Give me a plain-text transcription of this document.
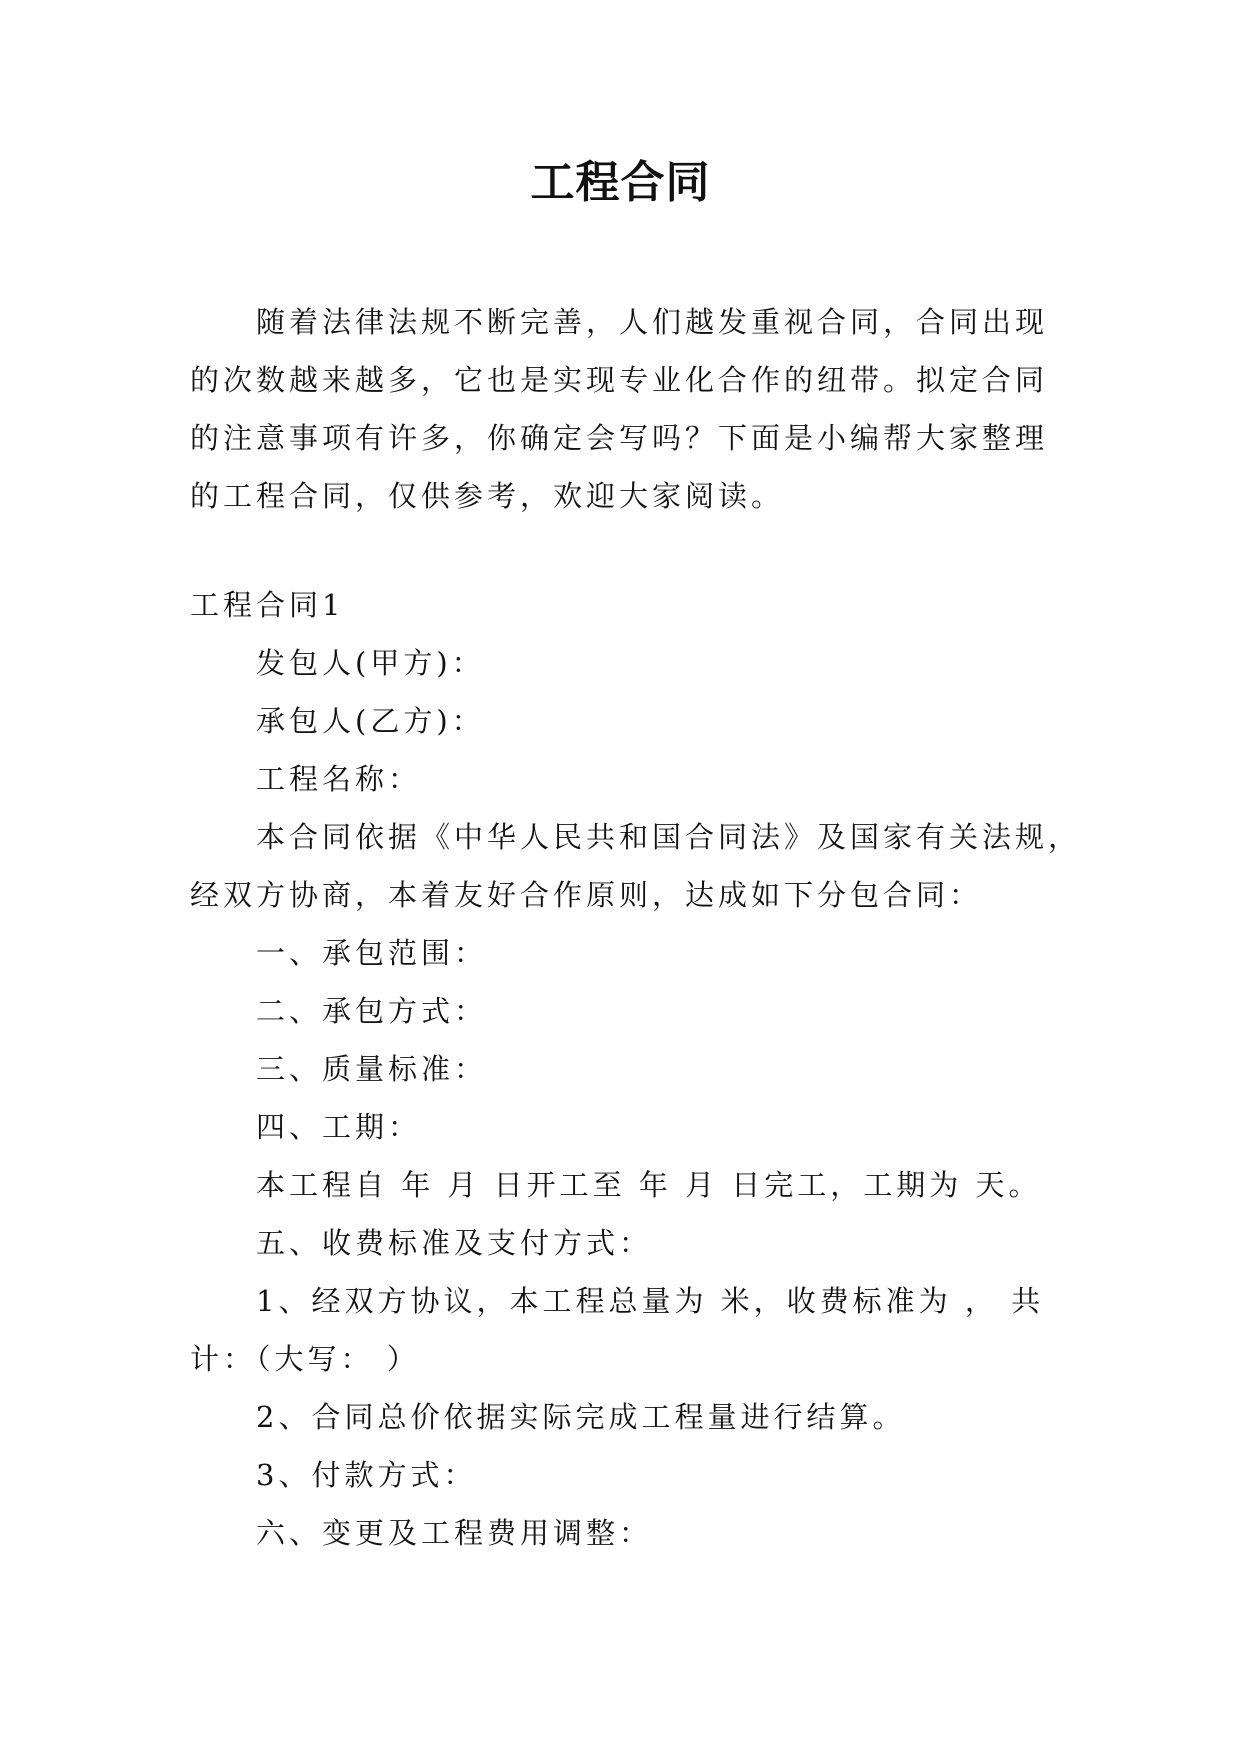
工程合同

随着法律法规不断完善，人们越发重视合同，合同出现的次数越来越多，它也是实现专业化合作的纽带。拟定合同的注意事项有许多，你确定会写吗？下面是小编帮大家整理的工程合同，仅供参考，欢迎大家阅读。

工程合同1
发包人(甲方)：
承包人(乙方)：
工程名称：
本合同依据《中华人民共和国合同法》及国家有关法规，
经双方协商，本着友好合作原则，达成如下分包合同：
一、承包范围：
二、承包方式：
三、质量标准：
四、工期：
本工程自 年 月 日开工至 年 月 日完工，工期为 天。
五、收费标准及支付方式：
1、经双方协议，本工程总量为 米，收费标准为 ， 共
计：（大写： ）
2、合同总价依据实际完成工程量进行结算。
3、付款方式：
六、变更及工程费用调整：
